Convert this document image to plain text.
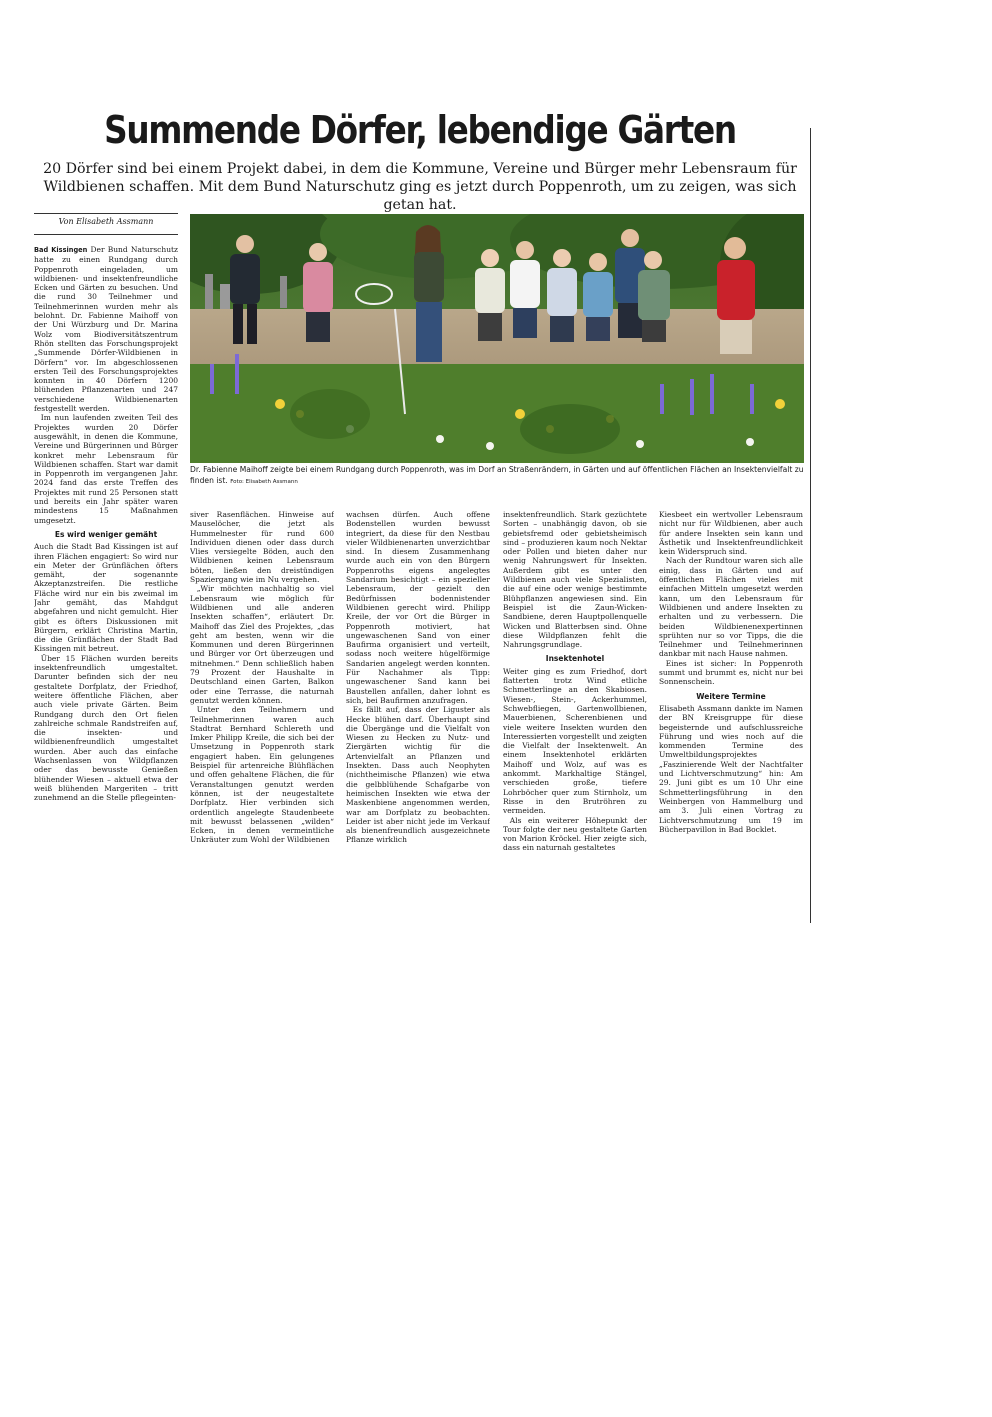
Summende Dörfer, lebendige Gärten

20 Dörfer sind bei einem Projekt dabei, in dem die Kommune, Vereine und Bürger mehr Lebensraum für Wildbienen schaffen. Mit dem Bund Naturschutz ging es jetzt durch Poppenroth, um zu zeigen, was sich getan hat.

Von Elisabeth Assmann

Dr. Fabienne Maihoff zeigte bei einem Rundgang durch Poppenroth, was im Dorf an Straßenrändern, in Gärten und auf öffentlichen Flächen an Insektenvielfalt zu finden ist. Foto: Elisabeth Assmann

Bad Kissingen Der Bund Naturschutz hatte zu einen Rundgang durch Poppenroth eingeladen, um wildbienen- und insektenfreundliche Ecken und Gärten zu besuchen. Und die rund 30 Teilnehmer und Teilnehmerinnen wurden mehr als belohnt. Dr. Fabienne Maihoff von der Uni Würzburg und Dr. Marina Wolz vom Biodiversitätszentrum Rhön stellten das Forschungsprojekt „Summende Dörfer-Wildbienen in Dörfern“ vor. Im abgeschlossenen ersten Teil des Forschungsprojektes konnten in 40 Dörfern 1200 blühenden Pflanzenarten und 247 verschiedene Wildbienenarten festgestellt werden.

Im nun laufenden zweiten Teil des Projektes wurden 20 Dörfer ausgewählt, in denen die Kommune, Vereine und Bürgerinnen und Bürger konkret mehr Lebensraum für Wildbienen schaffen. Start war damit in Poppenroth im vergangenen Jahr. 2024 fand das erste Treffen des Projektes mit rund 25 Personen statt und bereits ein Jahr später waren mindestens 15 Maßnahmen umgesetzt.

Es wird weniger gemäht

Auch die Stadt Bad Kissingen ist auf ihren Flächen engagiert: So wird nur ein Meter der Grünflächen öfters gemäht, der sogenannte Akzeptanzstreifen. Die restliche Fläche wird nur ein bis zweimal im Jahr gemäht, das Mahdgut abgefahren und nicht gemulcht. Hier gibt es öfters Diskussionen mit Bürgern, erklärt Christina Martin, die die Grünflächen der Stadt Bad Kissingen mit betreut.

Über 15 Flächen wurden bereits insektenfreundlich umgestaltet. Darunter befinden sich der neu gestaltete Dorfplatz, der Friedhof, weitere öffentliche Flächen, aber auch viele private Gärten. Beim Rundgang durch den Ort fielen zahlreiche schmale Randstreifen auf, die insekten- und wildbienenfreundlich umgestaltet wurden. Aber auch das einfache Wachsenlassen von Wildpflanzen oder das bewusste Genießen blühender Wiesen – aktuell etwa der weiß blühenden Margeriten – tritt zunehmend an die Stelle pflegeinten-

siver Rasenflächen. Hinweise auf Mauselöcher, die jetzt als Hummelnester für rund 600 Individuen dienen oder dass durch Vlies versiegelte Böden, auch den Wildbienen keinen Lebensraum böten, ließen den dreistündigen Spaziergang wie im Nu vergehen.

„Wir möchten nachhaltig so viel Lebensraum wie möglich für Wildbienen und alle anderen Insekten schaffen“, erläutert Dr. Maihoff das Ziel des Projektes, „das geht am besten, wenn wir die Kommunen und deren Bürgerinnen und Bürger vor Ort überzeugen und mitnehmen.“ Denn schließlich haben 79 Prozent der Haushalte in Deutschland einen Garten, Balkon oder eine Terrasse, die naturnah genutzt werden können.

Unter den Teilnehmern und Teilnehmerinnen waren auch Stadtrat Bernhard Schlereth und Imker Philipp Kreile, die sich bei der Umsetzung in Poppenroth stark engagiert haben. Ein gelungenes Beispiel für artenreiche Blühflächen und offen gehaltene Flächen, die für Veranstaltungen genutzt werden können, ist der neugestaltete Dorfplatz. Hier verbinden sich ordentlich angelegte Staudenbeete mit bewusst belassenen „wilden“ Ecken, in denen vermeintliche Unkräuter zum Wohl der Wildbienen

wachsen dürfen. Auch offene Bodenstellen wurden bewusst integriert, da diese für den Nestbau vieler Wildbienenarten unverzichtbar sind. In diesem Zusammenhang wurde auch ein von den Bürgern Poppenroths eigens angelegtes Sandarium besichtigt – ein spezieller Lebensraum, der gezielt den Bedürfnissen bodennistender Wildbienen gerecht wird. Philipp Kreile, der vor Ort die Bürger in Poppenroth motiviert, hat ungewaschenen Sand von einer Baufirma organisiert und verteilt, sodass noch weitere hügelförmige Sandarien angelegt werden konnten. Für Nachahmer als Tipp: ungewaschener Sand kann bei Baustellen anfallen, daher lohnt es sich, bei Baufirmen anzufragen.

Es fällt auf, dass der Liguster als Hecke blühen darf. Überhaupt sind die Übergänge und die Vielfalt von Wiesen zu Hecken zu Nutz- und Ziergärten wichtig für die Artenvielfalt an Pflanzen und Insekten. Dass auch Neophyten (nichtheimische Pflanzen) wie etwa die gelbblühende Schafgarbe von heimischen Insekten wie etwa der Maskenbiene angenommen werden, war am Dorfplatz zu beobachten. Leider ist aber nicht jede im Verkauf als bienenfreundlich ausgezeichnete Pflanze wirklich

insektenfreundlich. Stark gezüchtete Sorten – unabhängig davon, ob sie gebietsfremd oder gebietsheimisch sind – produzieren kaum noch Nektar oder Pollen und bieten daher nur wenig Nahrungswert für Insekten. Außerdem gibt es unter den Wildbienen auch viele Spezialisten, die auf eine oder wenige bestimmte Blühpflanzen angewiesen sind. Ein Beispiel ist die Zaun-Wicken-Sandbiene, deren Hauptpollenquelle Wicken und Blatterbsen sind. Ohne diese Wildpflanzen fehlt die Nahrungsgrundlage.

Insektenhotel

Weiter ging es zum Friedhof, dort flatterten trotz Wind etliche Schmetterlinge an den Skabiosen. Wiesen-, Stein-, Ackerhummel, Schwebfliegen, Gartenwollbienen, Mauerbienen, Scherenbienen und viele weitere Insekten wurden den Interessierten vorgestellt und zeigten die Vielfalt der Insektenwelt. An einem Insektenhotel erklärten Maihoff und Wolz, auf was es ankommt. Markhaltige Stängel, verschieden große, tiefere Lohrböcher quer zum Stirnholz, um Risse in den Brutröhren zu vermeiden.

Als ein weiterer Höhepunkt der Tour folgte der neu gestaltete Garten von Marion Kröckel. Hier zeigte sich, dass ein naturnah gestaltetes

Kiesbeet ein wertvoller Lebensraum nicht nur für Wildbienen, aber auch für andere Insekten sein kann und Ästhetik und Insektenfreundlichkeit kein Widerspruch sind.

Nach der Rundtour waren sich alle einig, dass in Gärten und auf öffentlichen Flächen vieles mit einfachen Mitteln umgesetzt werden kann, um den Lebensraum für Wildbienen und andere Insekten zu erhalten und zu verbessern. Die beiden Wildbienenexpertinnen sprühten nur so vor Tipps, die die Teilnehmer und Teilnehmerinnen dankbar mit nach Hause nahmen.

Eines ist sicher: In Poppenroth summt und brummt es, nicht nur bei Sonnenschein.

Weitere Termine

Elisabeth Assmann dankte im Namen der BN Kreisgruppe für diese begeisternde und aufschlussreiche Führung und wies noch auf die kommenden Termine des Umweltbildungsprojektes „Faszinierende Welt der Nachtfalter und Lichtverschmutzung“ hin: Am 29. Juni gibt es um 10 Uhr eine Schmetterlingsführung in den Weinbergen von Hammelburg und am 3. Juli einen Vortrag zu Lichtverschmutzung um 19 im Bücherpavillon in Bad Bocklet.
